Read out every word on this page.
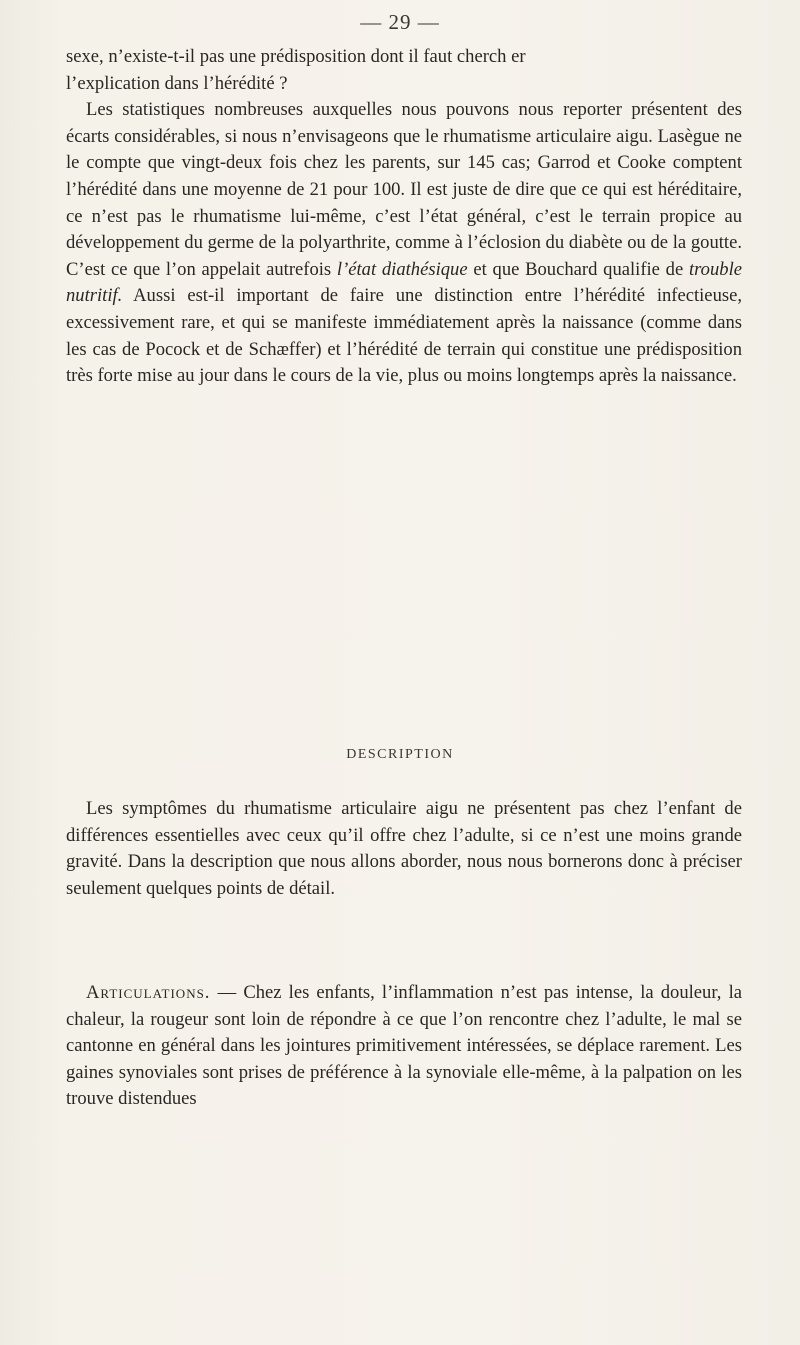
— 29 —

sexe, n’existe-t-il pas une prédisposition dont il faut cherch er
l’explication dans l’hérédité ?

Les statistiques nombreuses auxquelles nous pouvons nous reporter présentent des écarts considérables, si nous n’envisageons que le rhumatisme articulaire aigu. Lasègue ne le compte que vingt-deux fois chez les parents, sur 145 cas; Garrod et Cooke comptent l’hérédité dans une moyenne de 21 pour 100. Il est juste de dire que ce qui est héréditaire, ce n’est pas le rhumatisme lui-même, c’est l’état général, c’est le terrain propice au développement du germe de la polyarthrite, comme à l’éclosion du diabète ou de la goutte. C’est ce que l’on appelait autrefois l’état diathésique et que Bouchard qualifie de trouble nutritif. Aussi est-il important de faire une distinction entre l’hérédité infectieuse, excessivement rare, et qui se manifeste immédiatement après la naissance (comme dans les cas de Pocock et de Schæffer) et l’hérédité de terrain qui constitue une prédisposition très forte mise au jour dans le cours de la vie, plus ou moins longtemps après la naissance.

DESCRIPTION

Les symptômes du rhumatisme articulaire aigu ne présentent pas chez l’enfant de différences essentielles avec ceux qu’il offre chez l’adulte, si ce n’est une moins grande gravité. Dans la description que nous allons aborder, nous nous bornerons donc à préciser seulement quelques points de détail.

Articulations. — Chez les enfants, l’inflammation n’est pas intense, la douleur, la chaleur, la rougeur sont loin de répondre à ce que l’on rencontre chez l’adulte, le mal se cantonne en général dans les jointures primitivement intéressées, se déplace rarement. Les gaines synoviales sont prises de préférence à la synoviale elle-même, à la palpation on les trouve distendues
